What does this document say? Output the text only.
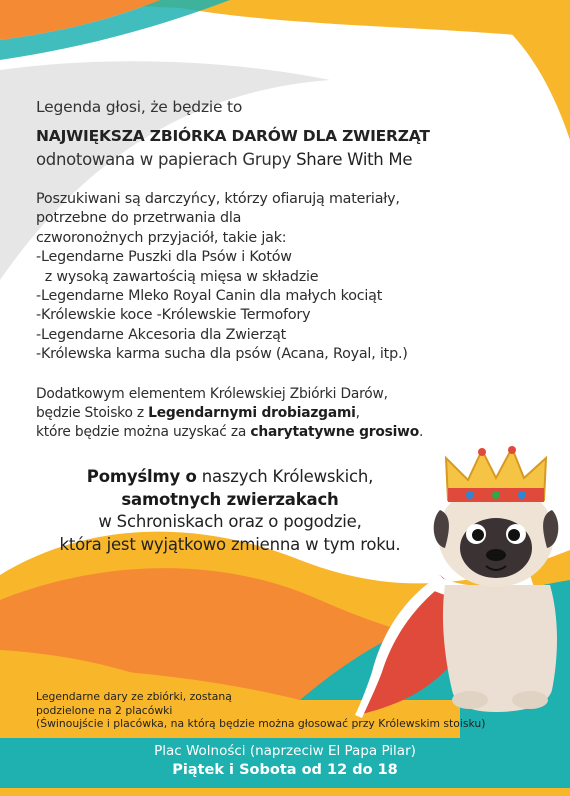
Legenda głosi, że będzie to

NAJWIĘKSZA ZBIÓRKA DARÓW DLA ZWIERZĄT

odnotowana w papierach Grupy Share With Me

Poszukiwani są darczyńcy, którzy ofiarują materiały,
potrzebne do przetrwania dla
czworonożnych przyjaciół, takie jak:
-Legendarne Puszki dla Psów i Kotów
z wysoką zawartością mięsa w składzie
-Legendarne Mleko Royal Canin dla małych kociąt
-Królewskie koce -Królewskie Termofory
-Legendarne Akcesoria dla Zwierząt
-Królewska karma sucha dla psów (Acana, Royal, itp.)
Dodatkowym elementem Królewskiej Zbiórki Darów,
będzie Stoisko z Legendarnymi drobiazgami,
które będzie można uzyskać za charytatywne grosiwo.
Pomyślmy o naszych Królewskich,
samotnych zwierzakach
w Schroniskach oraz o pogodzie,
która jest wyjątkowo zmienna w tym roku.
Legendarne dary ze zbiórki, zostaną
podzielone na 2 placówki
(Świnoujście i placówka, na którą będzie można głosować przy Królewskim stoisku)
Plac Wolności (naprzeciw El Papa Pilar)
Piątek i Sobota od 12 do 18
